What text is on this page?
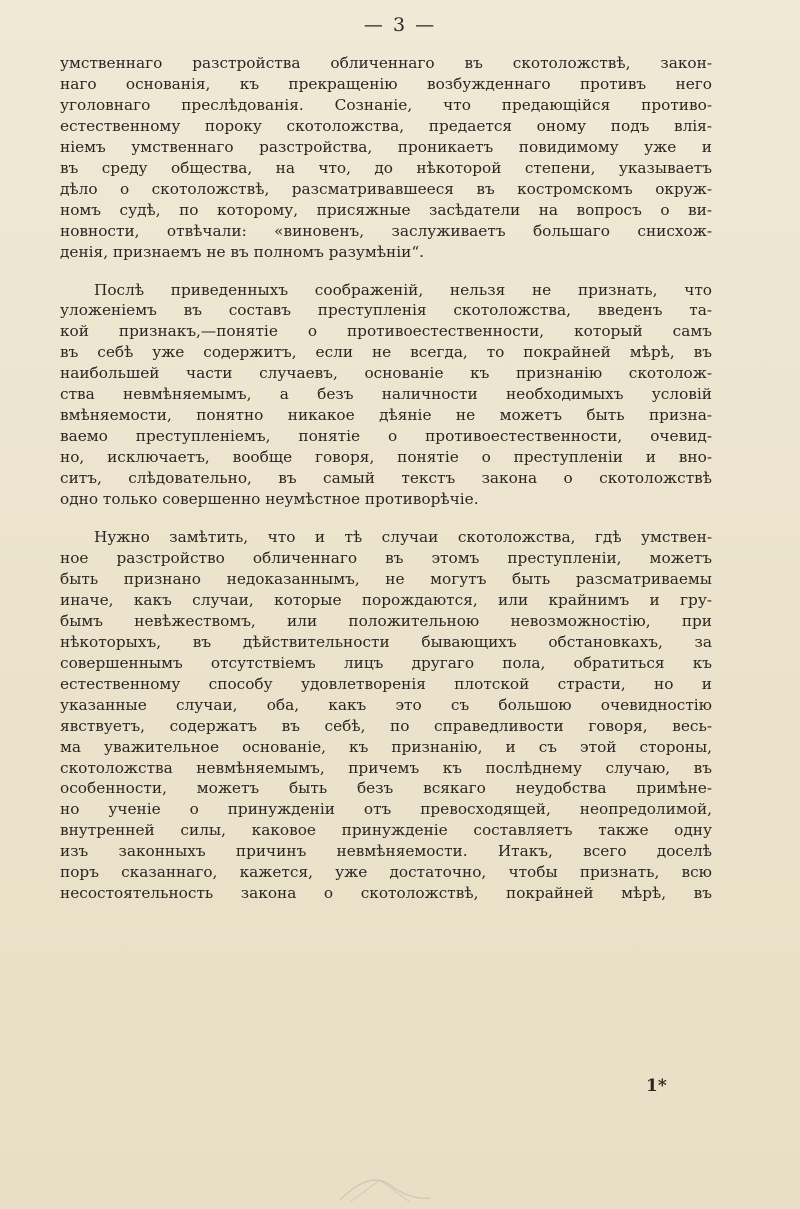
— 3 —
умственнаго разстройства обличеннаго въ скотоложствѣ, закон-
наго основанія, къ прекращенію возбужденнаго противъ него
уголовнаго преслѣдованія. Сознаніе, что предающійся противо-
естественному пороку скотоложства, предается оному подъ влія-
ніемъ умственнаго разстройства, проникаетъ повидимому уже и
въ среду общества, на что, до нѣкоторой степени, указываетъ
дѣло о скотоложствѣ, разсматривавшееся въ костромскомъ окруж-
номъ судѣ, по которому, присяжные засѣдатели на вопросъ о ви-
новности, отвѣчали: «виновенъ, заслуживаетъ большаго снисхож-
денія, признаемъ не въ полномъ разумѣніи“.
Послѣ приведенныхъ соображеній, нельзя не признать, что
уложеніемъ въ составъ преступленія скотоложства, введенъ та-
кой признакъ,—понятіе о противоестественности, который самъ
въ себѣ уже содержитъ, если не всегда, то покрайней мѣрѣ, въ
наибольшей части случаевъ, основаніе къ признанію скотолож-
ства невмѣняемымъ, а безъ наличности необходимыхъ условій
вмѣняемости, понятно никакое дѣяніе не можетъ быть призна-
ваемо преступленіемъ, понятіе о противоестественности, очевид-
но, исключаетъ, вообще говоря, понятіе о преступленіи и вно-
ситъ, слѣдовательно, въ самый текстъ закона о скотоложствѣ
одно только совершенно неумѣстное противорѣчіе.
Нужно замѣтить, что и тѣ случаи скотоложства, гдѣ умствен-
ное разстройство обличеннаго въ этомъ преступленіи, можетъ
быть признано недоказаннымъ, не могутъ быть разсматриваемы
иначе, какъ случаи, которые порождаются, или крайнимъ и гру-
бымъ невѣжествомъ, или положительною невозможностію, при
нѣкоторыхъ, въ дѣйствительности бывающихъ обстановкахъ, за
совершеннымъ отсутствіемъ лицъ другаго пола, обратиться къ
естественному способу удовлетворенія плотской страсти, но и
указанные случаи, оба, какъ это съ большою очевидностію
явствуетъ, содержатъ въ себѣ, по справедливости говоря, весь-
ма уважительное основаніе, къ признанію, и съ этой стороны,
скотоложства невмѣняемымъ, причемъ къ послѣднему случаю, въ
особенности, можетъ быть безъ всякаго неудобства примѣне-
но ученіе о принужденіи отъ превосходящей, неопредолимой,
внутренней силы, каковое принужденіе составляетъ также одну
изъ законныхъ причинъ невмѣняемости. Итакъ, всего доселѣ
поръ сказаннаго, кажется, уже достаточно, чтобы признать, всю
несостоятельность закона о скотоложствѣ, покрайней мѣрѣ, въ
1*
